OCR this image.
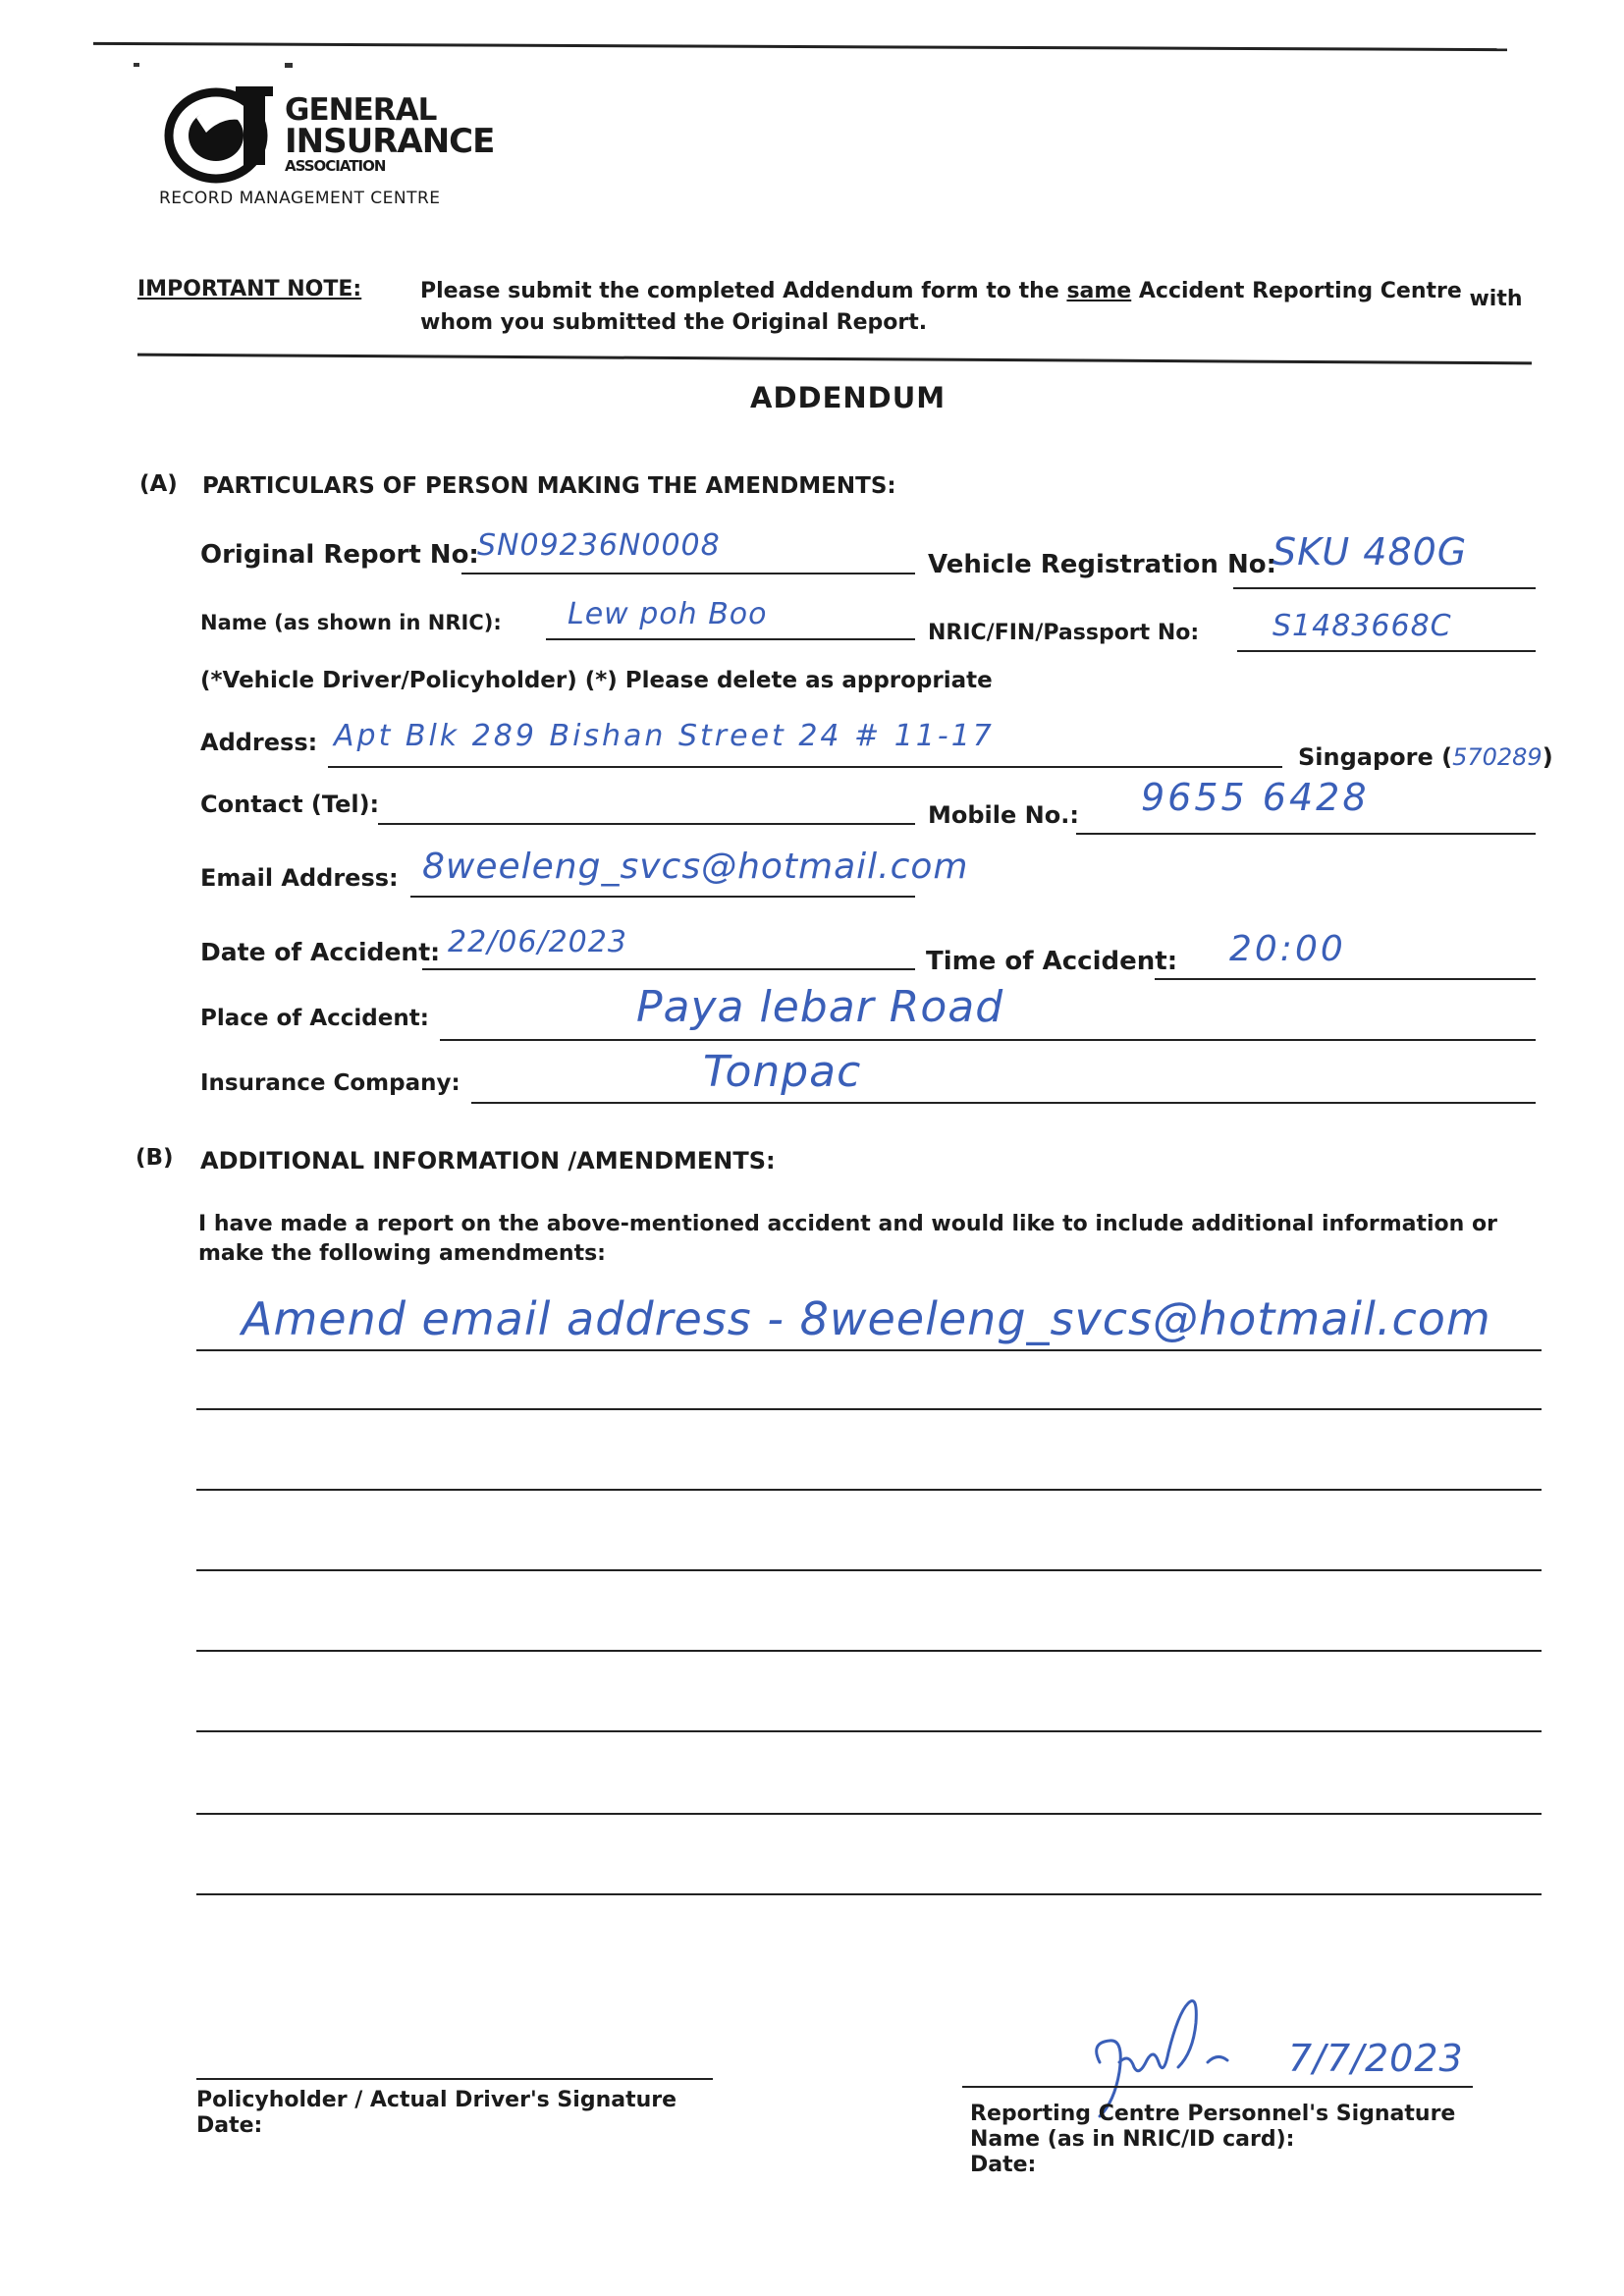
GENERAL
INSURANCE
ASSOCIATION
RECORD MANAGEMENT CENTRE
IMPORTANT NOTE:	Please submit the completed Addendum form to the same Accident Reporting Centre with
whom you submitted the Original Report.
ADDENDUM
(A) PARTICULARS OF PERSON MAKING THE AMENDMENTS:
Original Report No:
SN09236N0008
Vehicle Registration No:
SKU 480G
Name (as shown in NRIC): Lew poh Boo
NRIC/FIN/Passport No: S1483668C
(*Vehicle Driver/Policyholder) (*) Please delete as appropriate
Address: Apt Blk 289 Bishan Street 24 # 11-17
Singapore (570289)
Contact (Tel):	Mobile No.: 9655 6428
Email Address: 8weeleng_svcs@hotmail.com
Date of Accident: 22/06/2023
Time of Accident: 20:00
Place of Accident:	Paya lebar Road
Insurance Company:	Tonpac
(B) ADDITIONAL INFORMATION /AMENDMENTS:
I have made a report on the above-mentioned accident and would like to include additional information or
make the following amendments:
Amend email address - 8weeleng_svcs@hotmail.com
Policyholder / Actual Driver's Signature
Date:
7/7/2023
Reporting Centre Personnel's Signature
Name (as in NRIC/ID card):
Date:
